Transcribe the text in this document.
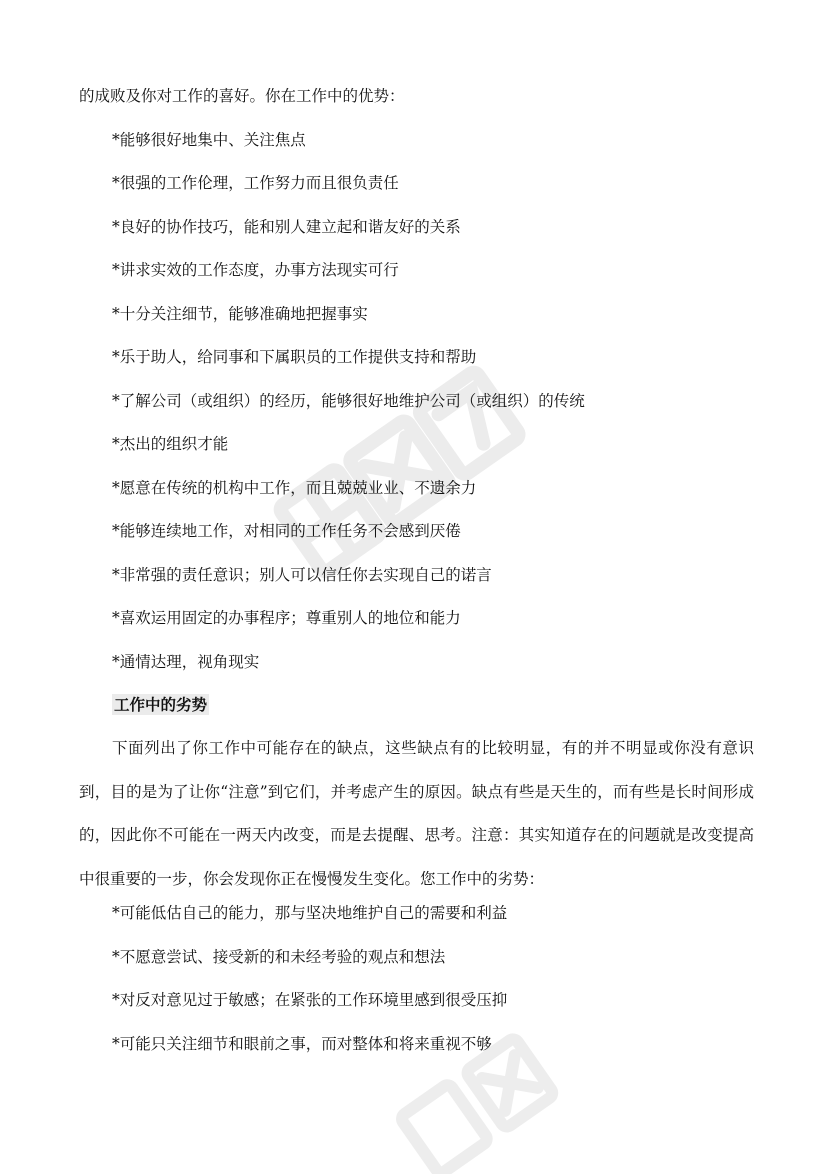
的成败及你对工作的喜好。你在工作中的优势：

*能够很好地集中、关注焦点

*很强的工作伦理，工作努力而且很负责任

*良好的协作技巧，能和别人建立起和谐友好的关系

*讲求实效的工作态度，办事方法现实可行

*十分关注细节，能够准确地把握事实

*乐于助人，给同事和下属职员的工作提供支持和帮助

*了解公司（或组织）的经历，能够很好地维护公司（或组织）的传统

*杰出的组织才能

*愿意在传统的机构中工作，而且兢兢业业、不遗余力

*能够连续地工作，对相同的工作任务不会感到厌倦

*非常强的责任意识；别人可以信任你去实现自己的诺言

*喜欢运用固定的办事程序；尊重别人的地位和能力

*通情达理，视角现实

工作中的劣势

下面列出了你工作中可能存在的缺点，这些缺点有的比较明显，有的并不明显或你没有意识到，目的是为了让你“注意”到它们，并考虑产生的原因。缺点有些是天生的，而有些是长时间形成的，因此你不可能在一两天内改变，而是去提醒、思考。注意：其实知道存在的问题就是改变提高中很重要的一步，你会发现你正在慢慢发生变化。您工作中的劣势：

*可能低估自己的能力，那与坚决地维护自己的需要和利益

*不愿意尝试、接受新的和未经考验的观点和想法

*对反对意见过于敏感；在紧张的工作环境里感到很受压抑

*可能只关注细节和眼前之事，而对整体和将来重视不够
